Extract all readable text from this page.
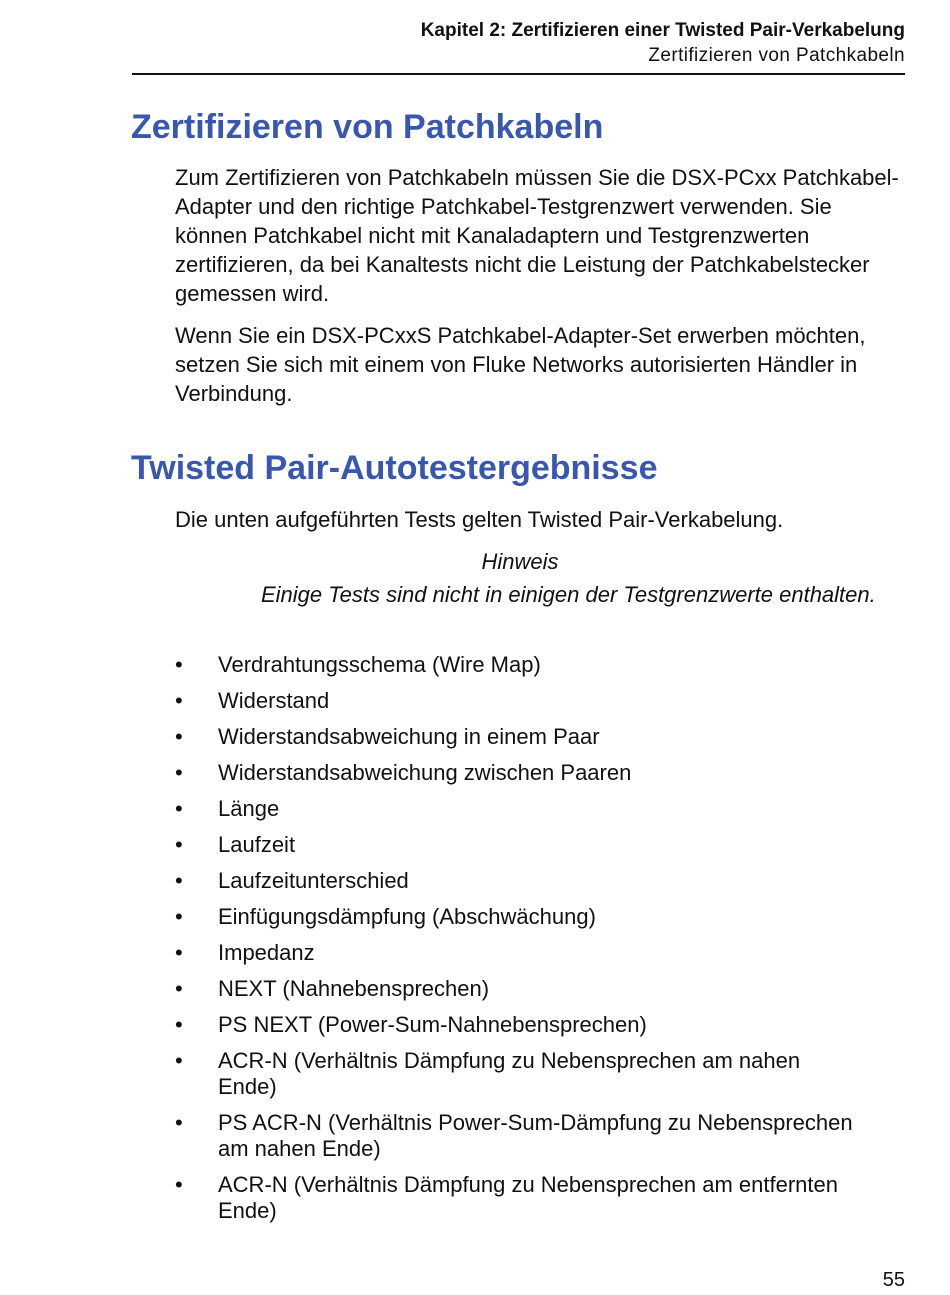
Kapitel 2: Zertifizieren einer Twisted Pair-Verkabelung
Zertifizieren von Patchkabeln
Zertifizieren von Patchkabeln

Zum Zertifizieren von Patchkabeln müssen Sie die DSX-PCxx Patchkabel-Adapter und den richtige Patchkabel-Testgrenzwert verwenden. Sie können Patchkabel nicht mit Kanaladaptern und Testgrenzwerten zertifizieren, da bei Kanaltests nicht die Leistung der Patchkabelstecker gemessen wird.

Wenn Sie ein DSX-PCxxS Patchkabel-Adapter-Set erwerben möchten, setzen Sie sich mit einem von Fluke Networks autorisierten Händler in Verbindung.

Twisted Pair-Autotestergebnisse

Die unten aufgeführten Tests gelten Twisted Pair-Verkabelung.

Hinweis
Einige Tests sind nicht in einigen der Testgrenzwerte enthalten.
• Verdrahtungsschema (Wire Map)
• Widerstand
• Widerstandsabweichung in einem Paar
• Widerstandsabweichung zwischen Paaren
• Länge
• Laufzeit
• Laufzeitunterschied
• Einfügungsdämpfung (Abschwächung)
• Impedanz
• NEXT (Nahnebensprechen)
• PS NEXT (Power-Sum-Nahnebensprechen)
• ACR-N (Verhältnis Dämpfung zu Nebensprechen am nahen Ende)
• PS ACR-N (Verhältnis Power-Sum-Dämpfung zu Nebensprechen am nahen Ende)
• ACR-N (Verhältnis Dämpfung zu Nebensprechen am entfernten Ende)
55
